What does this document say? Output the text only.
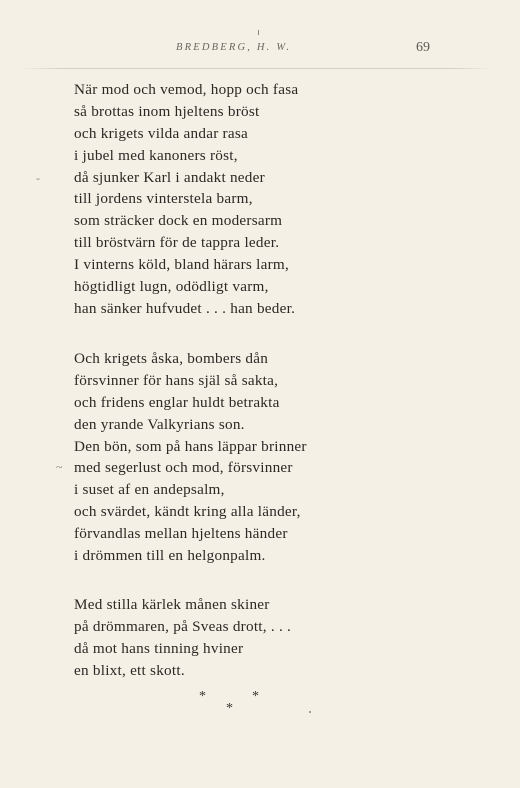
BREDBERG, H. W.	69
-
~
När mod och vemod, hopp och fasa
så brottas inom hjeltens bröst
och krigets vilda andar rasa
i jubel med kanoners röst,
då sjunker Karl i andakt neder
till jordens vinterstela barm,
som sträcker dock en modersarm
till bröstvärn för de tappra leder.
I vinterns köld, bland härars larm,
högtidligt lugn, odödligt varm,
han sänker hufvudet . . . han beder.
Och krigets åska, bombers dån
försvinner för hans själ så sakta,
och fridens englar huldt betrakta
den yrande Valkyrians son.
Den bön, som på hans läppar brinner
med segerlust och mod, försvinner
i suset af en andepsalm,
och svärdet, kändt kring alla länder,
förvandlas mellan hjeltens händer
i drömmen till en helgonpalm.
Med stilla kärlek månen skiner
på drömmaren, på Sveas drott, . . .
då mot hans tinning hviner
en blixt, ett skott.
*	*
*
